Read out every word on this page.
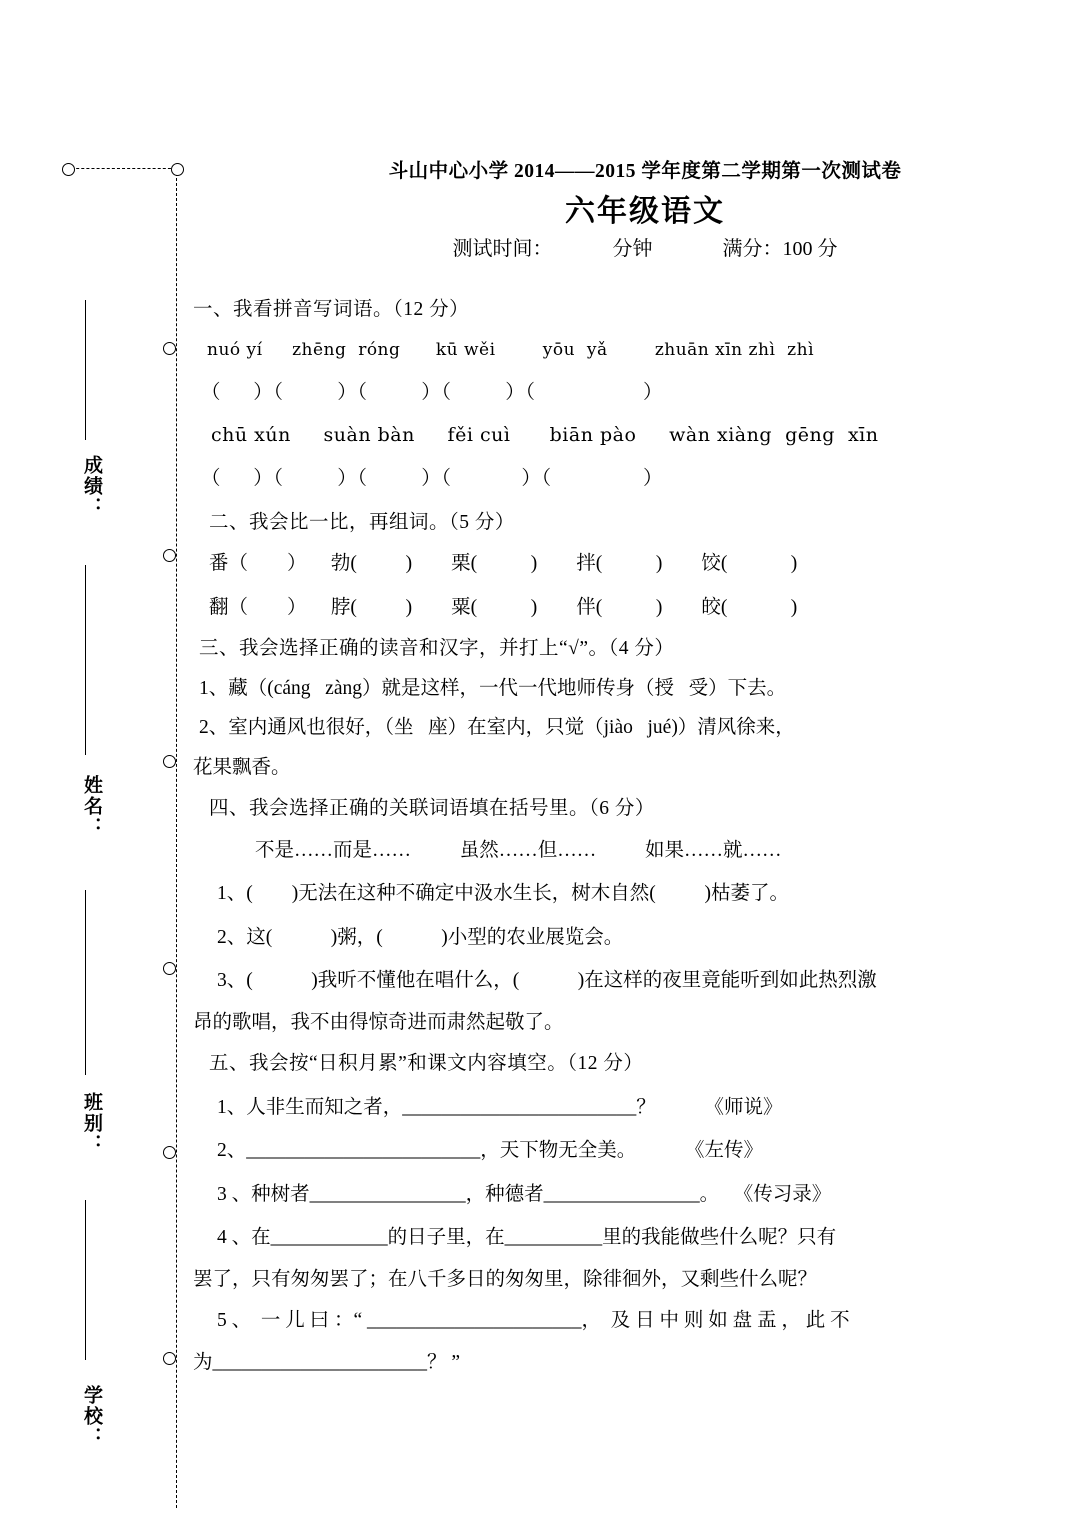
成绩：
姓名：
班别：
学校：
斗山中心小学 2014——2015 学年度第二学期第一次测试卷
六年级语文
测试时间：	分钟	满分：100 分
一、我看拼音写词语。（12 分）
nuó yí     zhēng  róng      kū wěi        yōu  yǎ        zhuān xīn zhì  zhì
（      ）（          ）（          ）（          ）（                    ）
chū xún     suàn bàn     fěi cuì      biān pào     wàn xiàng  gēng  xīn
（      ）（          ）（          ）（             ）（                 ）
二、我会比一比，再组词。（5 分）
番（        ）     勃(          )        栗(           )        拌(           )        饺(             )
翻（        ）     脖(          )        粟(           )        伴(           )        皎(             )
三、我会选择正确的读音和汉字，并打上“√”。（4 分）
1、藏（(cáng   zàng）就是这样，一代一代地师传身（授   受）下去。
2、室内通风也很好，（坐   座）在室内，只觉（jiào   jué)）清风徐来，
花果飘香。
四、我会选择正确的关联词语填在括号里。（6 分）
不是……而是……          虽然……但……          如果……就……
1、(        )无法在这种不确定中汲水生长，树木自然(          )枯萎了。
2、这(            )粥，(            )小型的农业展览会。
3、(            )我听不懂他在唱什么，(            )在这样的夜里竟能听到如此热烈激
昂的歌唱，我不由得惊奇进而肃然起敬了。
五、我会按“日积月累”和课文内容填空。（12 分）
1、人非生而知之者，________________________？          《师说》
2、________________________，天下物无全美。          《左传》
3 、种树者________________，种德者________________。   《传习录》
4 、在____________的日子里，在__________里的我能做些什么呢？只有
罢了，只有匆匆罢了；在八千多日的匆匆里，除徘徊外，又剩些什么呢？
5 、  一 儿 曰 ：“ ______________________，  及 日 中 则 如 盘 盂 ， 此 不
为______________________？ ”
